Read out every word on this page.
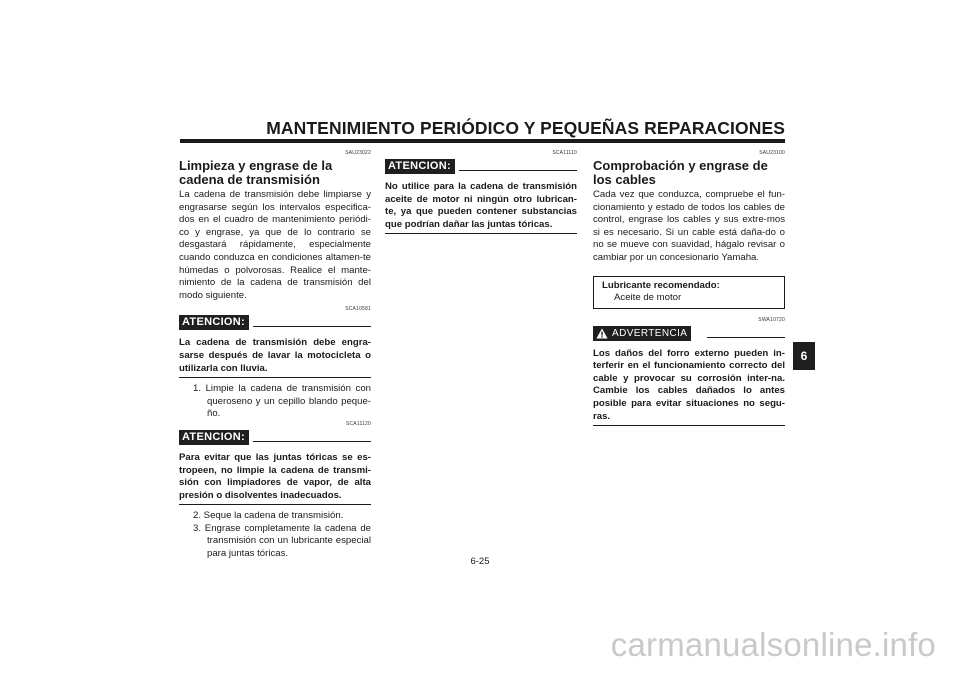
MANTENIMIENTO PERIÓDICO Y PEQUEÑAS REPARACIONES
SAU23022
Limpieza y engrase de la cadena de transmisión

La cadena de transmisión debe limpiarse y engrasarse según los intervalos especifica-dos en el cuadro de mantenimiento periódi-co y engrase, ya que de lo contrario se desgastará rápidamente, especialmente cuando conduzca en condiciones altamen-te húmedas o polvorosas. Realice el mante-nimiento de la cadena de transmisión del modo siguiente.

SCA10581
ATENCION:

La cadena de transmisión debe engra-sarse después de lavar la motocicleta o utilizarla con lluvia.

1. Limpie la cadena de transmisión con queroseno y un cepillo blando peque-ño.
SCA11120
ATENCION:

Para evitar que las juntas tóricas se es-tropeen, no limpie la cadena de transmi-sión con limpiadores de vapor, de alta presión o disolventes inadecuados.

2. Seque la cadena de transmisión.
3. Engrase completamente la cadena de transmisión con un lubricante especial para juntas tóricas.
SCA11110
ATENCION:

No utilice para la cadena de transmisión aceite de motor ni ningún otro lubrican-te, ya que pueden contener substancias que podrían dañar las juntas tóricas.

SAU23100
Comprobación y engrase de los cables

Cada vez que conduzca, compruebe el fun-cionamiento y estado de todos los cables de control, engrase los cables y sus extre-mos si es necesario. Si un cable está daña-do o no se mueve con suavidad, hágalo revisar o cambiar por un concesionario Yamaha.

Lubricante recomendado:
Aceite de motor
SWA10720
ADVERTENCIA

Los daños del forro externo pueden in-terferir en el funcionamiento correcto del cable y provocar su corrosión inter-na. Cambie los cables dañados lo antes posible para evitar situaciones no segu-ras.

6
6-25
carmanualsonline.info
